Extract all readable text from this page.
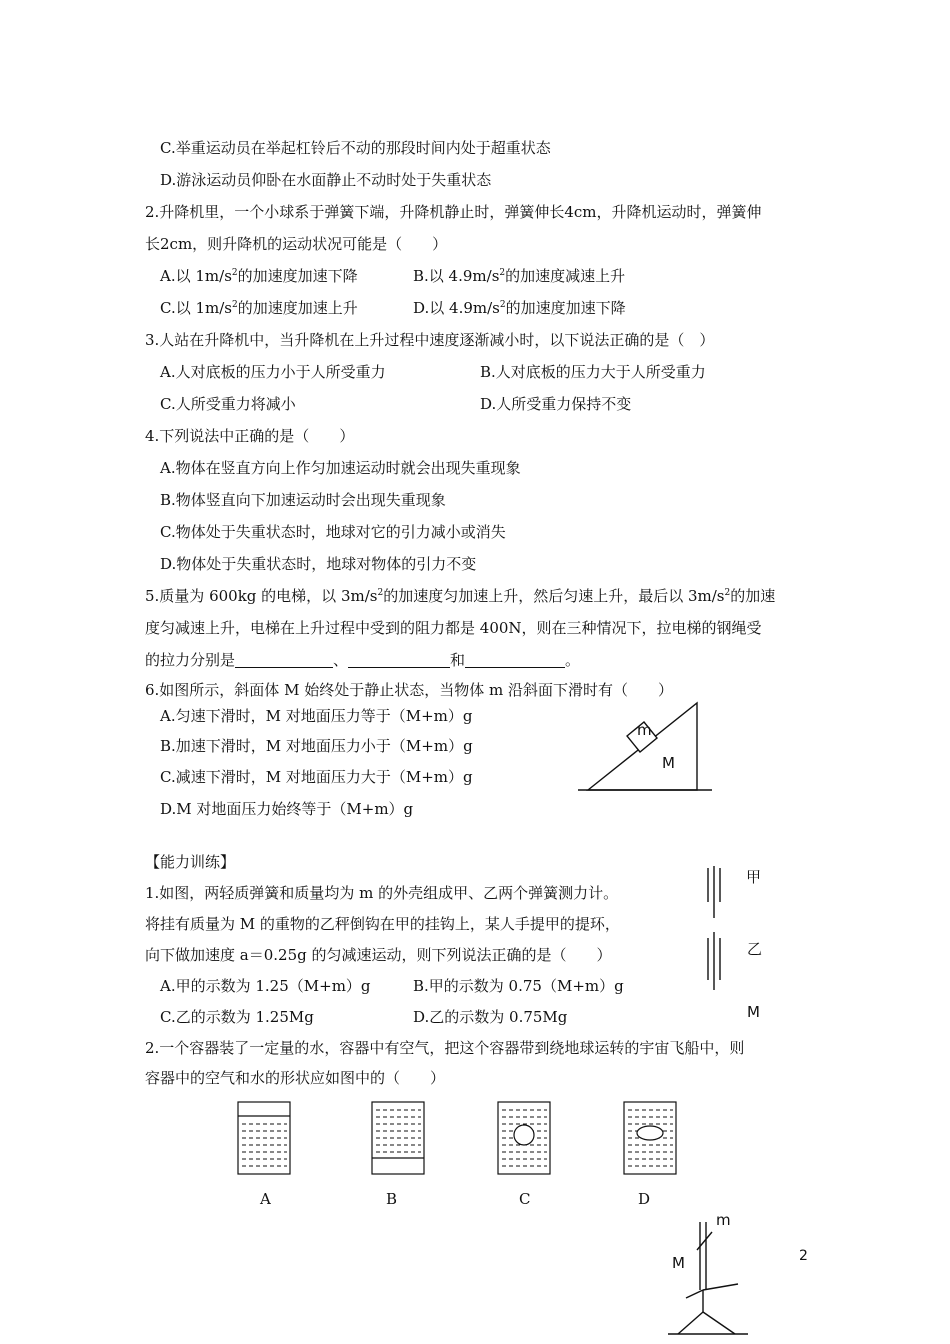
C.举重运动员在举起杠铃后不动的那段时间内处于超重状态
D.游泳运动员仰卧在水面静止不动时处于失重状态
2.升降机里，一个小球系于弹簧下端，升降机静止时，弹簧伸长4cm，升降机运动时，弹簧伸
长2cm，则升降机的运动状况可能是（　　）
A.以 $1m/s^2$的加速度加速下降	B.以 $4.9m/s^2$的加速度减速上升
C.以 $1m/s^2$的加速度加速上升	D.以 $4.9m/s^2$的加速度加速下降
3.人站在升降机中，当升降机在上升过程中速度逐渐减小时，以下说法正确的是（　）
A.人对底板的压力小于人所受重力	B.人对底板的压力大于人所受重力
C.人所受重力将减小	D.人所受重力保持不变
4.下列说法中正确的是（　　）
A.物体在竖直方向上作匀加速运动时就会出现失重现象
B.物体竖直向下加速运动时会出现失重现象
C.物体处于失重状态时，地球对它的引力减小或消失
D.物体处于失重状态时，地球对物体的引力不变
5.质量为 600kg 的电梯，以 $3m/s^2$的加速度匀加速上升，然后匀速上升，最后以 $3m/s^2$的加速
度匀减速上升，电梯在上升过程中受到的阻力都是 400N，则在三种情况下，拉电梯的钢绳受
的拉力分别是	、	和	。
6.如图所示，斜面体 M 始终处于静止状态，当物体 m 沿斜面下滑时有（　　）
A.匀速下滑时，M 对地面压力等于（M+m）g
B.加速下滑时，M 对地面压力小于（M+m）g
C.减速下滑时，M 对地面压力大于（M+m）g
D.M 对地面压力始终等于（M+m）g
【能力训练】
1.如图，两轻质弹簧和质量均为 m 的外壳组成甲、乙两个弹簧测力计。
将挂有质量为 M 的重物的乙秤倒钩在甲的挂钩上，某人手提甲的提环，
向下做加速度 a＝0.25g 的匀减速运动，则下列说法正确的是（　　）
A.甲的示数为 1.25（M+m）g	B.甲的示数为 0.75（M+m）g
C.乙的示数为 1.25Mg	D.乙的示数为 0.75Mg
2.一个容器装了一定量的水，容器中有空气，把这个容器带到绕地球运转的宇宙飞船中，则
容器中的空气和水的形状应如图中的（　　）
m
M
甲
乙
M
A	B	C	D
m
M	2
